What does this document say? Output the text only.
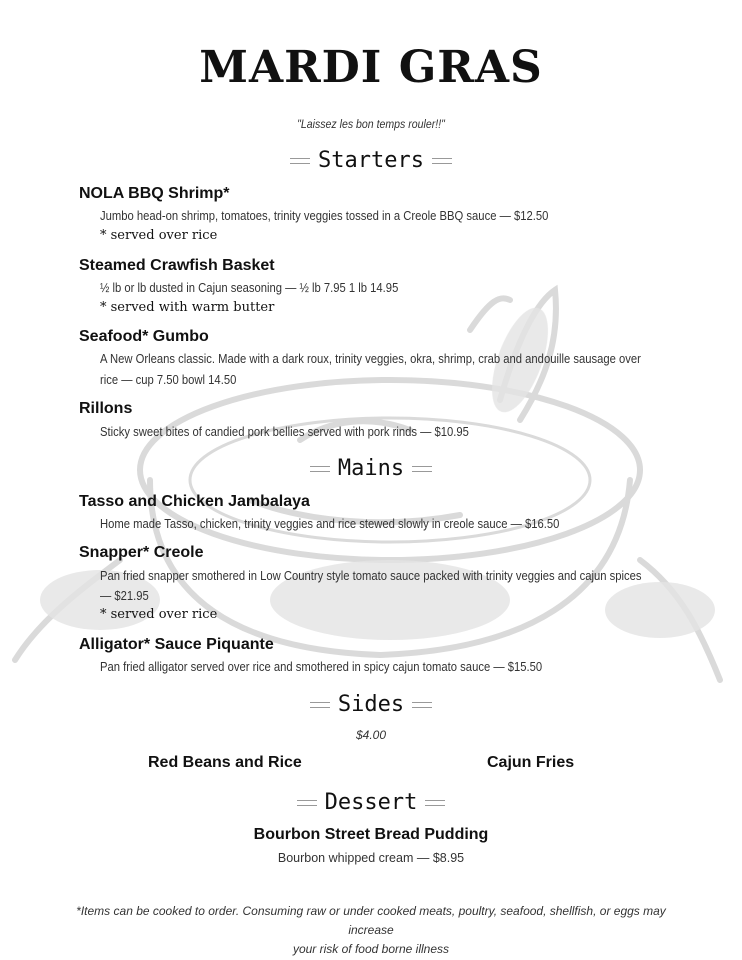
MARDI GRAS
"Laissez les bon temps rouler!!"
Starters
NOLA BBQ Shrimp*
Jumbo head-on shrimp, tomatoes, trinity veggies tossed in a Creole BBQ sauce — $12.50
* served over rice
Steamed Crawfish Basket
½ lb or lb dusted in Cajun seasoning — ½ lb 7.95 1 lb 14.95
* served with warm butter
Seafood* Gumbo
A New Orleans classic. Made with a dark roux, trinity veggies, okra, shrimp, crab and andouille sausage over
rice — cup 7.50 bowl 14.50
Rillons
Sticky sweet bites of candied pork bellies served with pork rinds — $10.95
Mains
Tasso and Chicken Jambalaya
Home made Tasso, chicken, trinity veggies and rice stewed slowly in creole sauce — $16.50
Snapper* Creole
Pan fried snapper smothered in Low Country style tomato sauce packed with trinity veggies and cajun spices
— $21.95
* served over rice
Alligator* Sauce Piquante
Pan fried alligator served over rice and smothered in spicy cajun tomato sauce — $15.50
Sides
$4.00
Red Beans and Rice	Cajun Fries
Dessert
Bourbon Street Bread Pudding
Bourbon whipped cream — $8.95
*Items can be cooked to order. Consuming raw or under cooked meats, poultry, seafood, shellfish, or eggs may increase
your risk of food borne illness
